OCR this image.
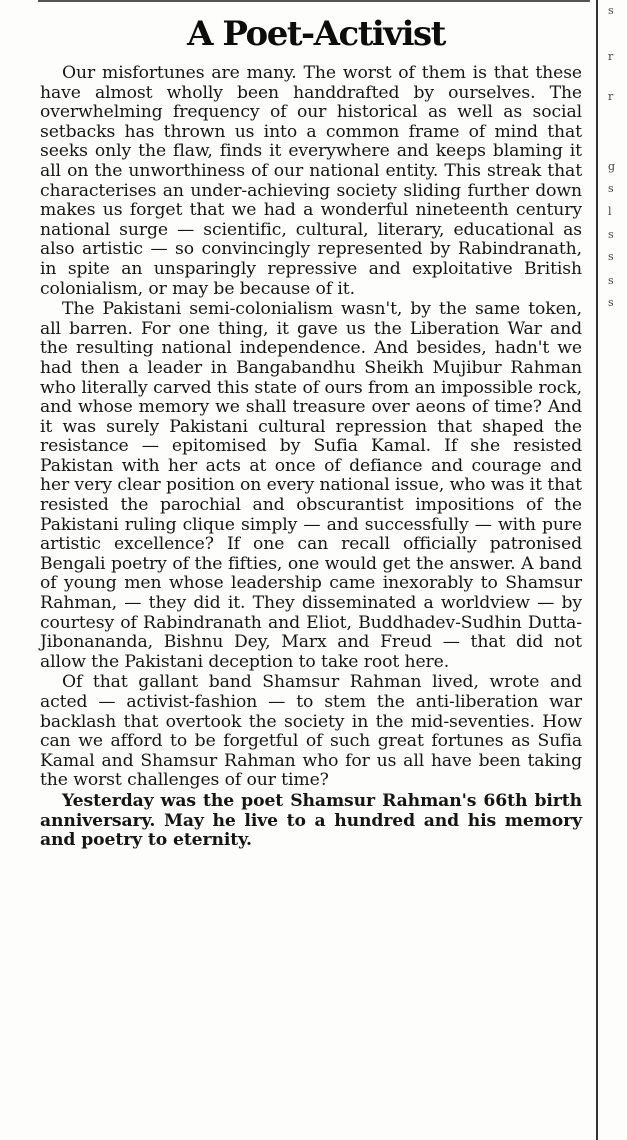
s
r
r
g
s
l
s
s
s
s
A Poet-Activist

Our misfortunes are many. The worst of them is that these have almost wholly been handdrafted by ourselves. The overwhelming frequency of our historical as well as social setbacks has thrown us into a common frame of mind that seeks only the flaw, finds it everywhere and keeps blaming it all on the unworthiness of our national entity. This streak that characterises an under-achieving society sliding further down makes us forget that we had a wonderful nineteenth century national surge — scientific, cultural, literary, educational as also artistic — so convincingly represented by Rabindranath, in spite an unsparingly repressive and exploitative British colonialism, or may be because of it.

The Pakistani semi-colonialism wasn't, by the same token, all barren. For one thing, it gave us the Liberation War and the resulting national independence. And besides, hadn't we had then a leader in Bangabandhu Sheikh Mujibur Rahman who literally carved this state of ours from an impossible rock, and whose memory we shall treasure over aeons of time? And it was surely Pakistani cultural repression that shaped the resistance — epitomised by Sufia Kamal. If she resisted Pakistan with her acts at once of defiance and courage and her very clear position on every national issue, who was it that resisted the parochial and obscurantist impositions of the Pakistani ruling clique simply — and successfully — with pure artistic excellence? If one can recall officially patronised Bengali poetry of the fifties, one would get the answer. A band of young men whose leadership came inexorably to Shamsur Rahman, — they did it. They disseminated a worldview — by courtesy of Rabindranath and Eliot, Buddhadev-Sudhin Dutta-Jibonananda, Bishnu Dey, Marx and Freud — that did not allow the Pakistani deception to take root here.

Of that gallant band Shamsur Rahman lived, wrote and acted — activist-fashion — to stem the anti-liberation war backlash that overtook the society in the mid-seventies. How can we afford to be forgetful of such great fortunes as Sufia Kamal and Shamsur Rahman who for us all have been taking the worst challenges of our time?

Yesterday was the poet Shamsur Rahman's 66th birth anniversary. May he live to a hundred and his memory and poetry to eternity.
